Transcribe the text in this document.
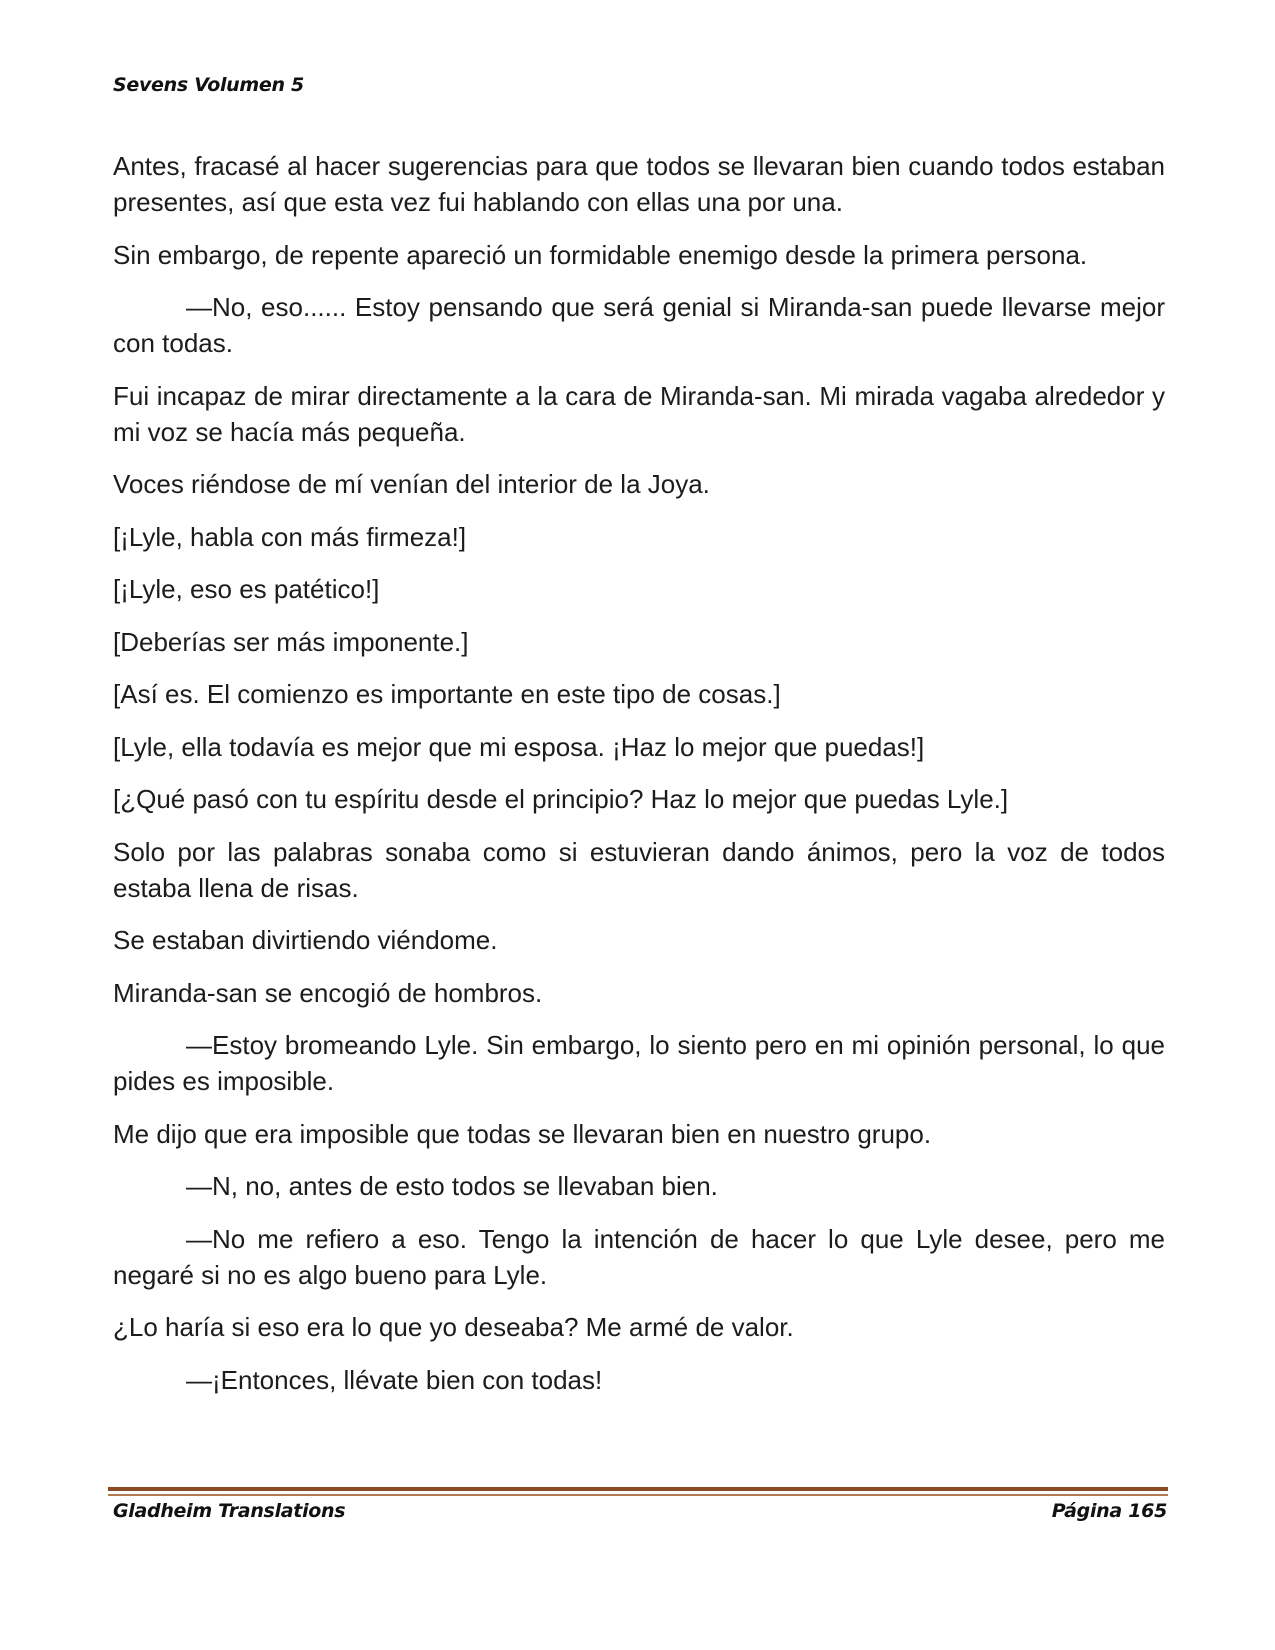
Sevens Volumen 5

Antes, fracasé al hacer sugerencias para que todos se llevaran bien cuando todos estaban presentes, así que esta vez fui hablando con ellas una por una.

Sin embargo, de repente apareció un formidable enemigo desde la primera persona.

—No, eso...... Estoy pensando que será genial si Miranda-san puede llevarse mejor con todas.

Fui incapaz de mirar directamente a la cara de Miranda-san. Mi mirada vagaba alrededor y mi voz se hacía más pequeña.

Voces riéndose de mí venían del interior de la Joya.

[¡Lyle, habla con más firmeza!]

[¡Lyle, eso es patético!]

[Deberías ser más imponente.]

[Así es. El comienzo es importante en este tipo de cosas.]

[Lyle, ella todavía es mejor que mi esposa. ¡Haz lo mejor que puedas!]

[¿Qué pasó con tu espíritu desde el principio? Haz lo mejor que puedas Lyle.]

Solo por las palabras sonaba como si estuvieran dando ánimos, pero la voz de todos estaba llena de risas.

Se estaban divirtiendo viéndome.

Miranda-san se encogió de hombros.

—Estoy bromeando Lyle. Sin embargo, lo siento pero en mi opinión personal, lo que pides es imposible.

Me dijo que era imposible que todas se llevaran bien en nuestro grupo.

—N, no, antes de esto todos se llevaban bien.

—No me refiero a eso. Tengo la intención de hacer lo que Lyle desee, pero me negaré si no es algo bueno para Lyle.

¿Lo haría si eso era lo que yo deseaba? Me armé de valor.

—¡Entonces, llévate bien con todas!

Gladheim Translations	Página 165
